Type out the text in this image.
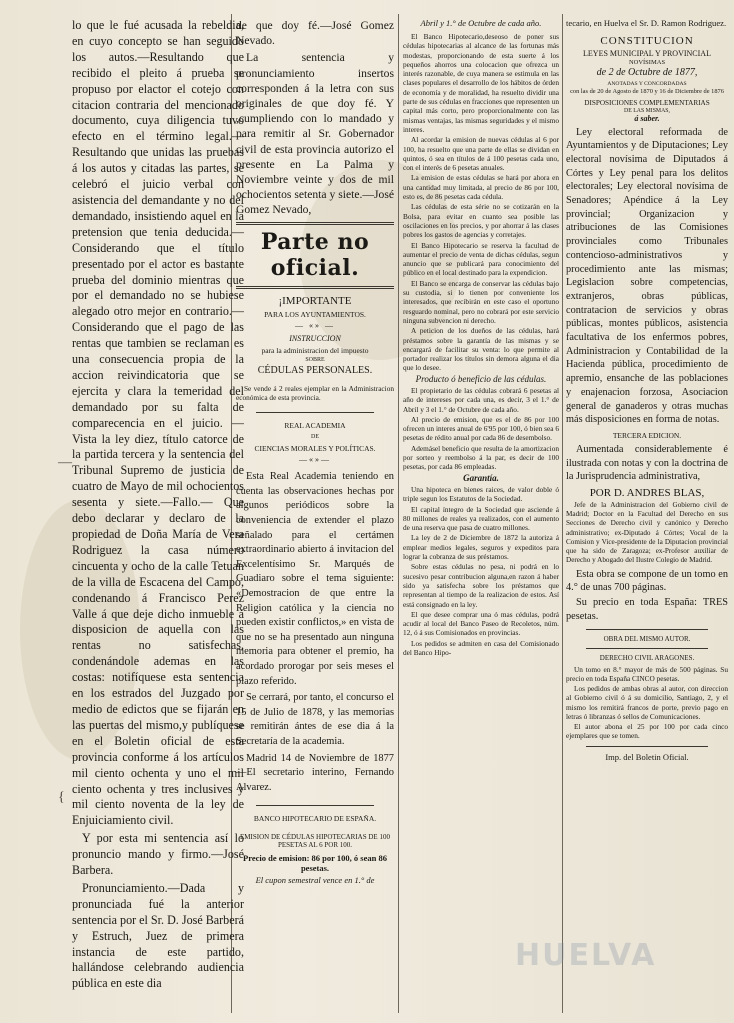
—
{

lo que le fué acusada la rebeldia, en cuyo concepto se han seguido los autos.—Resultando que recibido el pleito á prueba se propuso por elactor el cotejo con citacion contraria del mencionado documento, cuya diligencia tuvo efecto en el término legal.—Resultando que unidas las pruebas á los autos y citadas las partes, se celebró el juicio verbal con asistencia del demandante y no del demandado, insistiendo aquel en la pretension que tenia deducida.—Considerando que el título presentado por el actor es bastante prueba del dominio mientras que por el demandado no se hubiese alegado otro mejor en contrario.—Considerando que el pago de las rentas que tambien se reclaman es una consecuencia propia de la accion reivindicatoria que se ejercita y clara la temeridad del demandado por su falta de comparecencia en el juicio. —Vista la ley diez, título catorce de la partida tercera y la sentencia del Tribunal Supremo de justicia de cuatro de Mayo de mil ochocientos sesenta y siete.—Fallo.— Que debo declarar y declaro de la propiedad de Doña María de Vera Rodriguez la casa número cincuenta y ocho de la calle Tetuan de la villa de Escacena del Campo, condenando á Francisco Perez Valle á que deje dicho inmueble á disposicion de aquella con las rentas no satisfechas, condenándole ademas en las costas: notifíquese esta sentencia en los estrados del Juzgado por medio de edictos que se fijarán en las puertas del mismo,y publíquese en el Boletin oficial de esta provincia conforme á los artículos mil ciento ochenta y uno el mil ciento ochenta y tres inclusives y mil ciento noventa de la ley de Enjuiciamiento civil.

Y por esta mi sentencia así lo pronuncio mando y firmo.—José Barbera.

Pronunciamiento.—Dada y pronunciada fué la anterior sentencia por el Sr. D. José Barberá y Estruch, Juez de primera instancia de este partido, hallándose celebrando audiencia pública en este dia

de que doy fé.—José Gomez Nevado.

La sentencia y pronunciamiento insertos corresponden á la letra con sus originales de que doy fé. Y ,cumpliendo con lo mandado y para remitir al Sr. Gobernador civil de esta provincia autorizo el presente en La Palma y Noviembre veinte y dos de mil ochocientos setenta y siete.—José Gomez Nevado,

Parte no oficial.
¡IMPORTANTE
PARA LOS AYUNTAMIENTOS.
— «» —
INSTRUCCION
para la administracion del impuesto
SOBRE
CÉDULAS PERSONALES.

Se vende á 2 reales ejemplar en la Administracion económica de esta provincia.

REAL ACADEMIA
DE
CIENCIAS MORALES Y POLÍTICAS.
—«»—

Esta Real Academia teniendo en cuenta las observaciones hechas por algunos periódicos sobre la conveniencia de extender el plazo señalado para el certámen extraordinario abierto á invitacion del Excelentísimo Sr. Marqués de Guadiaro sobre el tema siguiente: «Demostracion de que entre la Religion católica y la ciencia no pueden existir conflictos,» en vista de que no se ha presentado aun ninguna memoria para obtener el premio, ha acordado prorogar por seis meses el plazo referido.

Se cerrará, por tanto, el concurso el 15 de Julio de 1878, y las memorias se remitirán ántes de ese dia á la Secretaría de la academia.

Madrid 14 de Noviembre de 1877 —El secretario interino, Fernando Alvarez.

BANCO HIPOTECARIO DE ESPAÑA.
EMISION DE CÉDULAS HIPOTECARIAS DE 100 PESETAS AL 6 POR 100.
Precio de emision: 86 por 100, ó sean 86 pesetas.
El cupon semestral vence en 1.° de
Abril y 1.° de Octubre de cada año.

El Banco Hipotecario,deseoso de poner sus cédulas hipotecarias al alcance de las fortunas más modestas, proporcionando de esta suerte á los pequeños ahorros una colocacion que ofrezca un interés razonable, de cuya manera se estimula en las clases populares el desarrollo de los hábitos de órden de economía y de moralidad, ha resuelto dividir una parte de sus cédulas en fracciones que representen un capital más corto, pero proporcionalmente con las mismas ventajas, las mismas seguridades y el mismo interes.

Al acordar la emision de nuevas cédulas al 6 por 100, ha resuelto que una parte de ellas se dividan en quintos, ó sea en títulos de á 100 pesetas cada uno, con el interés de 6 pesetas anuales.

La emision de estas cédulas se hará por ahora en una cantidad muy limitada, al precio de 86 por 100, esto es, de 86 pesetas cada cédula.

Las cédulas de esta série no se cotizarán en la Bolsa, para evitar en cuanto sea posible las oscilaciones en los precios, y por ahorrar á las clases pobres los gastos de agencias y corretajes.

El Banco Hipotecario se reserva la facultad de aumentar el precio de venta de dichas cédulas, segun anuncio que se publicará para conocimiento del público en el local destinado para la expendicion.

El Banco se encarga de conservar las cédulas bajo su custodia, si lo tienen por conveniente los interesados, que recibirán en este caso el oportuno resguardo nominal, pero no cobrará por este servicio ninguna subvencion ni derecho.

A peticion de los dueños de las cédulas, hará préstamos sobre la garantía de las mismas y se encargará de facilitar su venta: lo que permite al portador realizar los títulos sin demora alguna el dia que lo desee.

Producto ó beneficio de las cédulas.

El propietario de las cédulas cobrará 6 pesetas al año de intereses por cada una, es decir, 3 el 1.° de Abril y 3 el 1.° de Octubre de cada año.

Al precio de emision, que es el de 86 por 100 ofrecen un interes anual de 6'95 por 100, ó bien sea 6 pesetas de rédito anual por cada 86 de desembolso.

Ademásel beneficio que resulta de la amortizacion por sorteo y reembolso á la par, es decir de 100 pesetas, por cada 86 empleadas.

Garantía.

Una hipoteca en bienes raices, de valor doble ó triple segun los Estatutos de la Sociedad.

El capital íntegro de la Sociedad que asciende á 80 millones de reales ya realizados, con el aumento de una reserva que pasa de cuatro millones.

La ley de 2 de Diciembre de 1872 la autoriza á emplear medios legales, seguros y expeditos para lograr la cobranza de sus préstamos.

Sobre estas cédulas no pesa, ni podrá en lo sucesivo pesar contribucion alguna,en razon á haber sido ya satisfecha sobre los préstamos que representan al tiempo de la realizacion de estos. Así está consignado en la ley.

El que desee comprar una ó mas cédulas, podrá acudir al local del Banco Paseo de Recoletos, núm. 12, ó á sus Comisionados en provincias.

Los pedidos se admiten en casa del Comisionado del Banco Hipo-

tecario, en Huelva el Sr. D. Ramon Rodriguez.

CONSTITUCION
LEYES MUNICIPAL Y PROVINCIAL
NOVÍSIMAS
de 2 de Octubre de 1877,
ANOTADAS Y CONCORDADAS
con las de 20 de Agosto de 1870 y 16 de Diciembre de 1876
DISPOSICIONES COMPLEMENTARIAS
DE LAS MISMAS,
á saber.

Ley electoral reformada de Ayuntamientos y de Diputaciones; Ley electoral novísima de Diputados á Córtes y Ley penal para los delitos electorales; Ley electoral novísima de Senadores; Apéndice á la Ley provincial; Organizacion y atribuciones de las Comisiones provinciales como Tribunales contencioso-administrativos y procedimiento ante las mismas; Legislacion sobre competencias, extranjeros, obras públicas, contratacion de servicios y obras públicas, montes públicos, asistencia facultativa de los enfermos pobres, Administracion y Contabilidad de la Hacienda pública, procedimiento de apremio, ensanche de las poblaciones y enajenacion forzosa, Asociacion general de ganaderos y otras muchas más disposiciones en forma de notas.

TERCERA EDICION.

Aumentada considerablemente é ilustrada con notas y con la doctrina de la Jurisprudencia administrativa,

POR D. ANDRES BLAS,

Jefe de la Administracion del Gobierno civil de Madrid; Doctor en la Facultad del Derecho en sus Secciones de Derecho civil y canónico y Derecho administrativo; ex-Diputado á Córtes; Vocal de la Comision y Vice-presidente de la Diputacion provincial que ha sido de Zaragoza; ex-Profesor auxiliar de Derecho y Abogado del Ilustre Colegio de Madrid.

Esta obra se compone de un tomo en 4.° de unas 700 páginas.

Su precio en toda España: TRES pesetas.

OBRA DEL MISMO AUTOR.
DERECHO CIVIL ARAGONES.

Un tomo en 8.° mayor de más de 500 páginas. Su precio en toda España CINCO pesetas.

Los pedidos de ambas obras al autor, con direccion al Gobierno civil ó á su domicilio, Santiago, 2, y el mismo los remitirá francos de porte, previo pago en letras ó libranzas ó sellos de Comunicaciones.

El autor abona el 25 por 100 por cada cinco ejemplares que se tomen.

Imp. del Boletin Oficial.
HUELVA
